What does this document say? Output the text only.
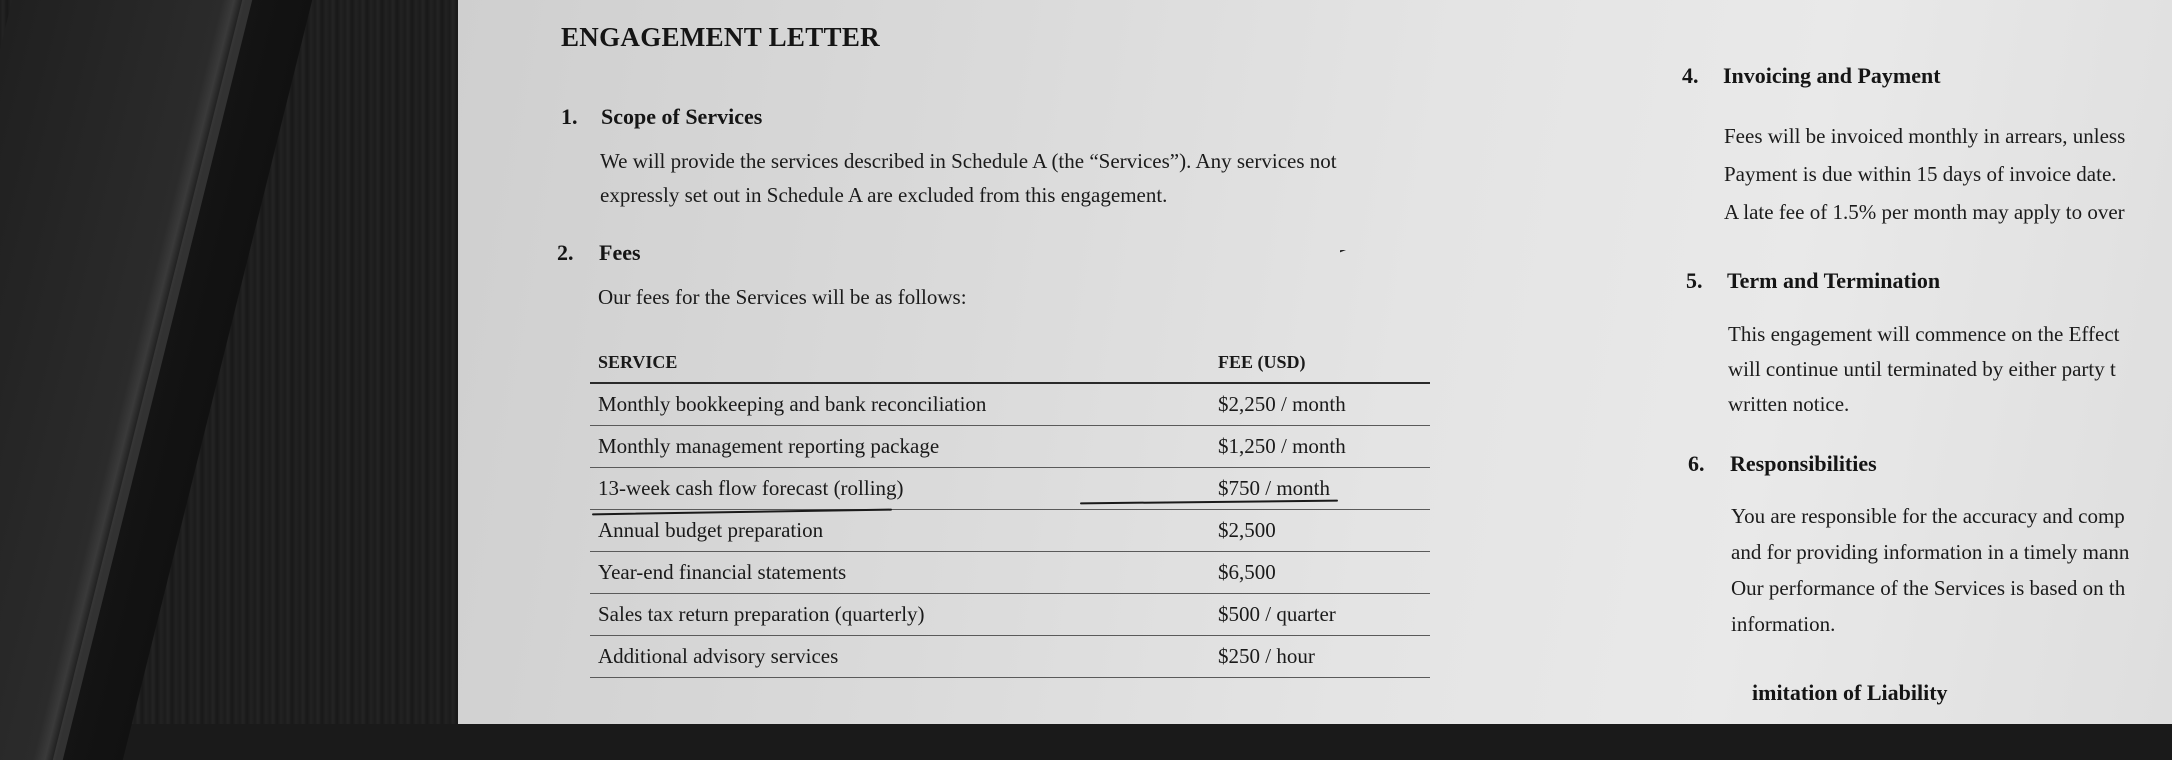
ENGAGEMENT LETTER
1. Scope of Services
We will provide the services described in Schedule A (the “Services”). Any services not
expressly set out in Schedule A are excluded from this engagement.
2. Fees
Our fees for the Services will be as follows:
SERVICE	FEE (USD)
Monthly bookkeeping and bank reconciliation	$2,250 / month
Monthly management reporting package	$1,250 / month
13-week cash flow forecast (rolling)	$750 / month
Annual budget preparation	$2,500
Year-end financial statements	$6,500
Sales tax return preparation (quarterly)	$500 / quarter
Additional advisory services	$250 / hour
4. Invoicing and Payment
Fees will be invoiced monthly in arrears, unless
Payment is due within 15 days of invoice date.
A late fee of 1.5% per month may apply to over
5. Term and Termination
This engagement will commence on the Effect
will continue until terminated by either party t
written notice.
6. Responsibilities
You are responsible for the accuracy and comp
and for providing information in a timely mann
Our performance of the Services is based on th
information.
imitation of Liability
